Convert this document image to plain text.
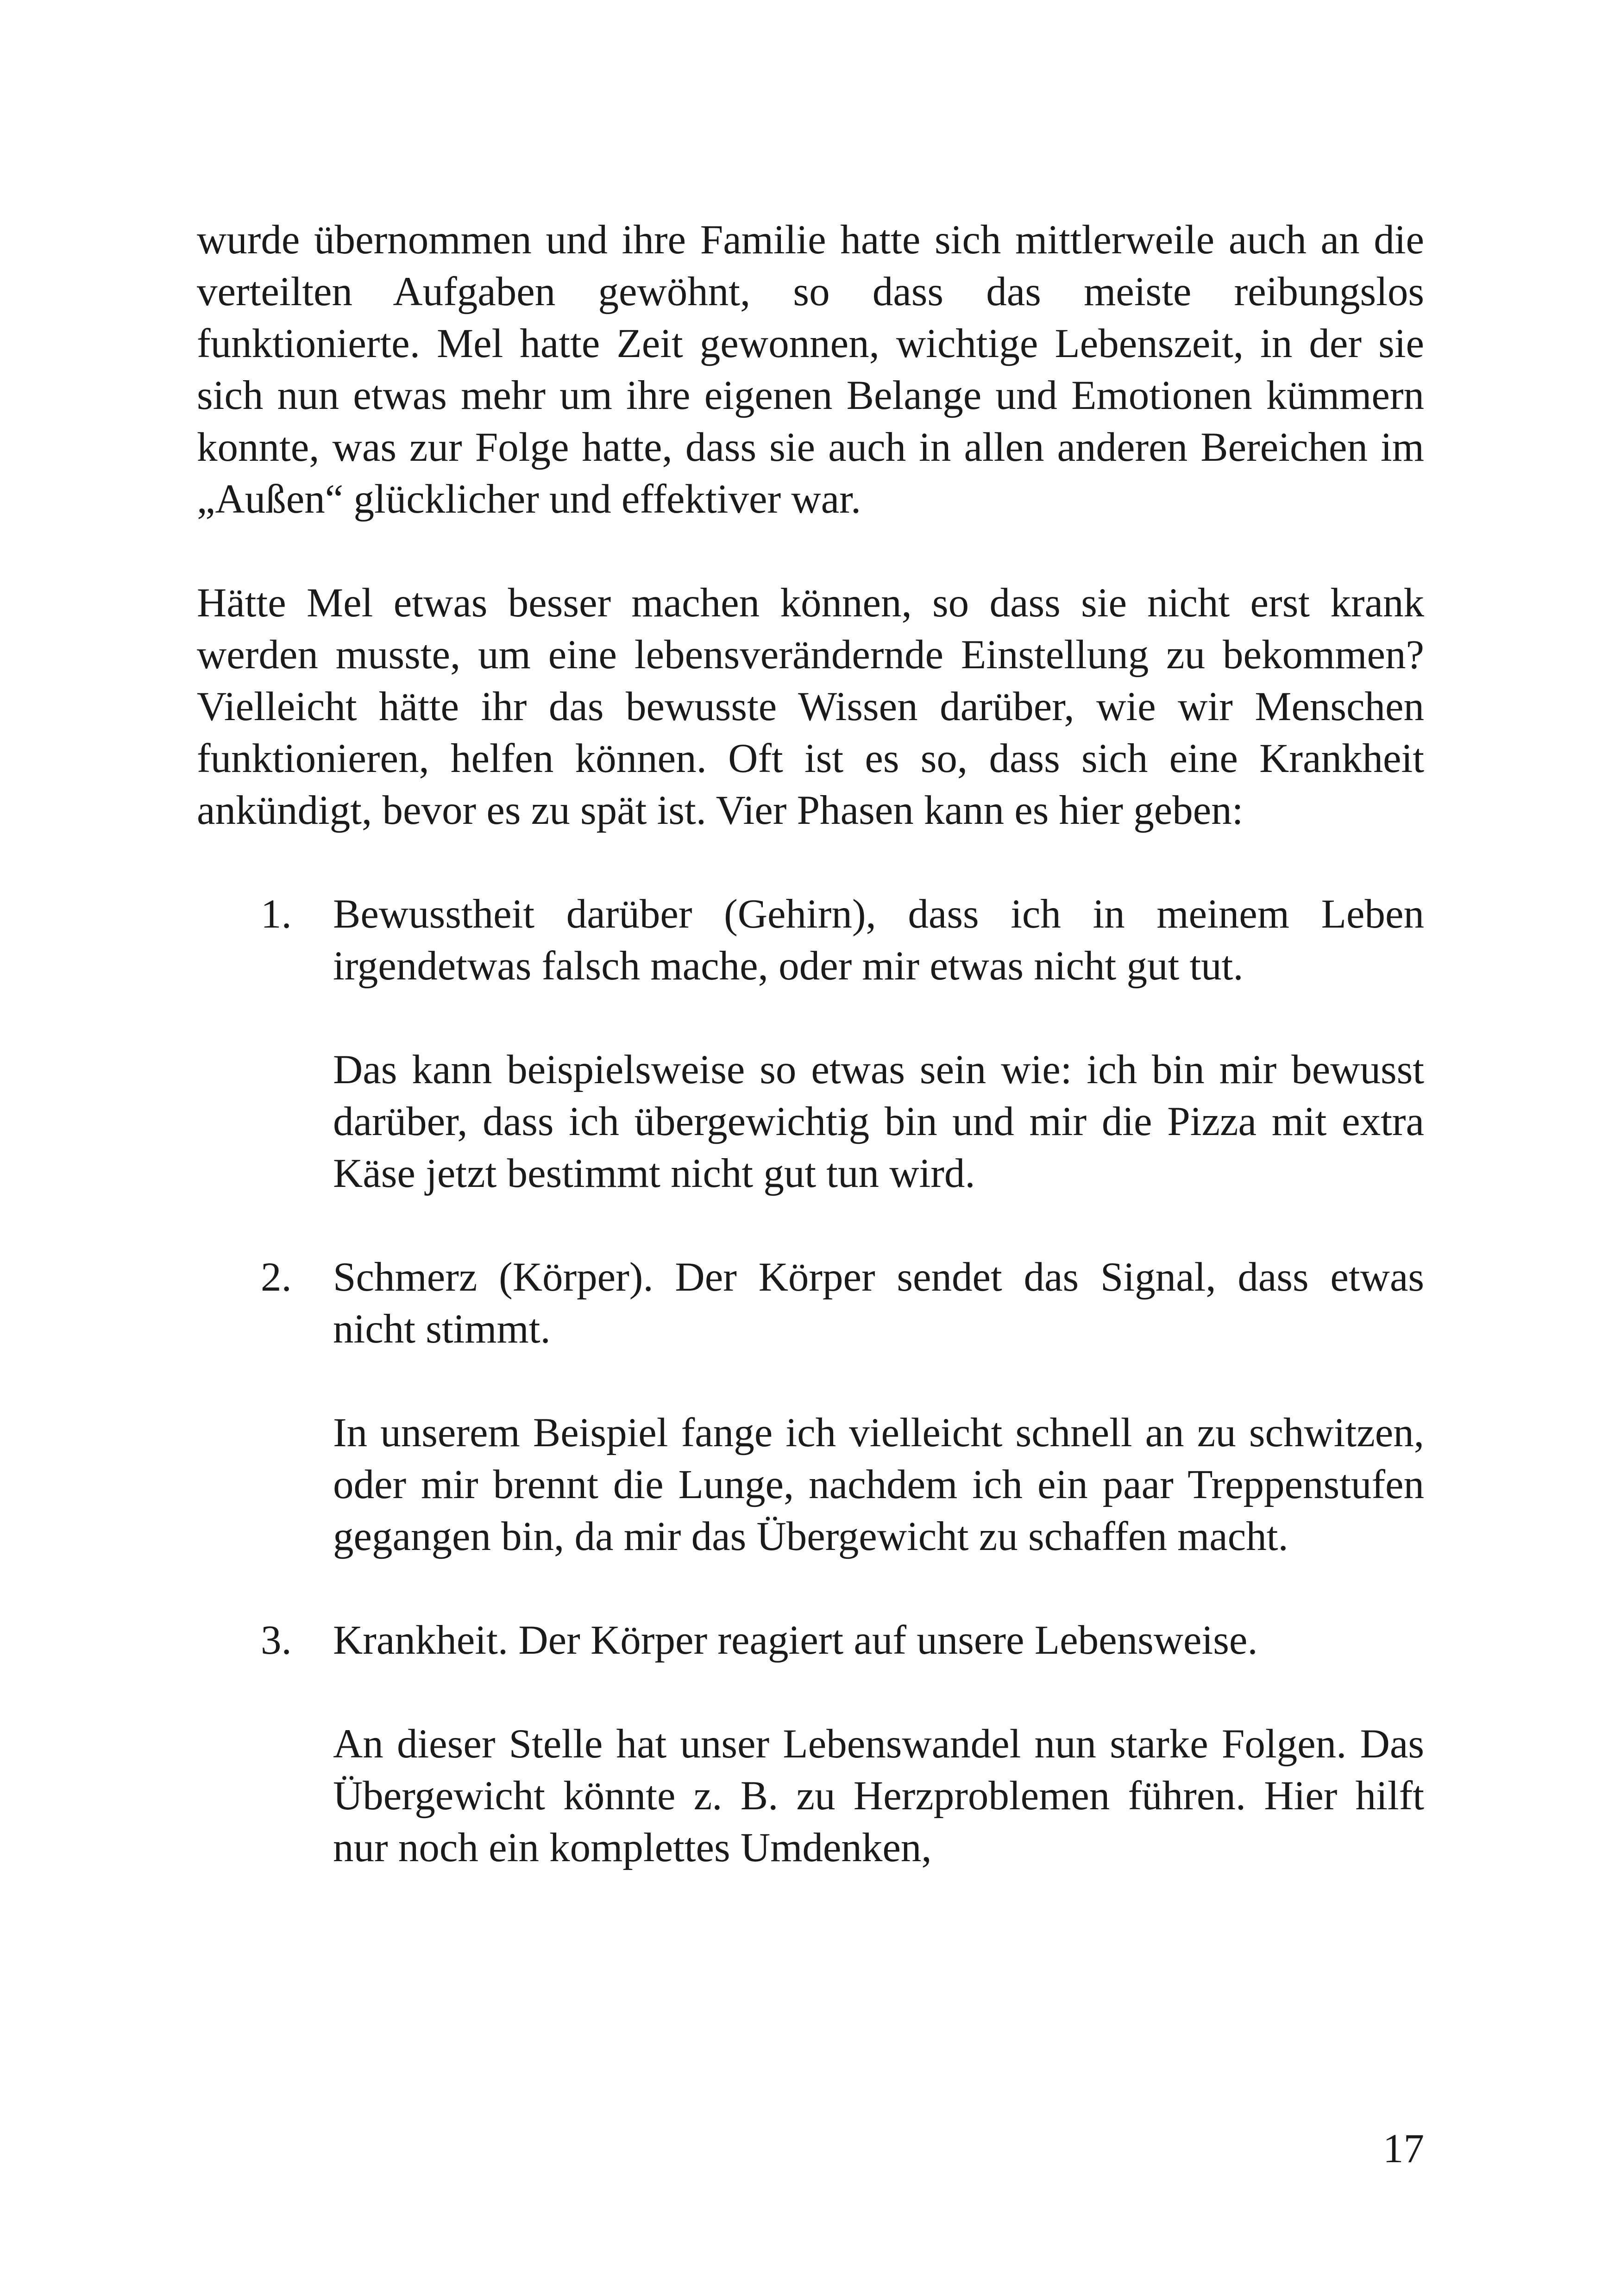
wurde übernommen und ihre Familie hatte sich mittlerweile auch an die verteilten Aufgaben gewöhnt, so dass das meiste reibungslos funktionierte. Mel hatte Zeit gewonnen, wichtige Lebenszeit, in der sie sich nun etwas mehr um ihre eigenen Belange und Emotionen kümmern konnte, was zur Folge hatte, dass sie auch in allen anderen Bereichen im „Außen“ glücklicher und effektiver war.

Hätte Mel etwas besser machen können, so dass sie nicht erst krank werden musste, um eine lebensverändernde Einstellung zu bekommen? Vielleicht hätte ihr das bewusste Wissen darüber, wie wir Menschen funktionieren, helfen können. Oft ist es so, dass sich eine Krankheit ankündigt, bevor es zu spät ist. Vier Phasen kann es hier geben:

1. Bewusstheit darüber (Gehirn), dass ich in meinem Leben irgendetwas falsch mache, oder mir etwas nicht gut tut.

Das kann beispielsweise so etwas sein wie: ich bin mir bewusst darüber, dass ich übergewichtig bin und mir die Pizza mit extra Käse jetzt bestimmt nicht gut tun wird.

2. Schmerz (Körper). Der Körper sendet das Signal, dass etwas nicht stimmt.

In unserem Beispiel fange ich vielleicht schnell an zu schwitzen, oder mir brennt die Lunge, nachdem ich ein paar Treppenstufen gegangen bin, da mir das Übergewicht zu schaffen macht.

3. Krankheit. Der Körper reagiert auf unsere Lebensweise.

An dieser Stelle hat unser Lebenswandel nun starke Folgen. Das Übergewicht könnte z. B. zu Herzproblemen führen. Hier hilft nur noch ein komplettes Umdenken,

17
